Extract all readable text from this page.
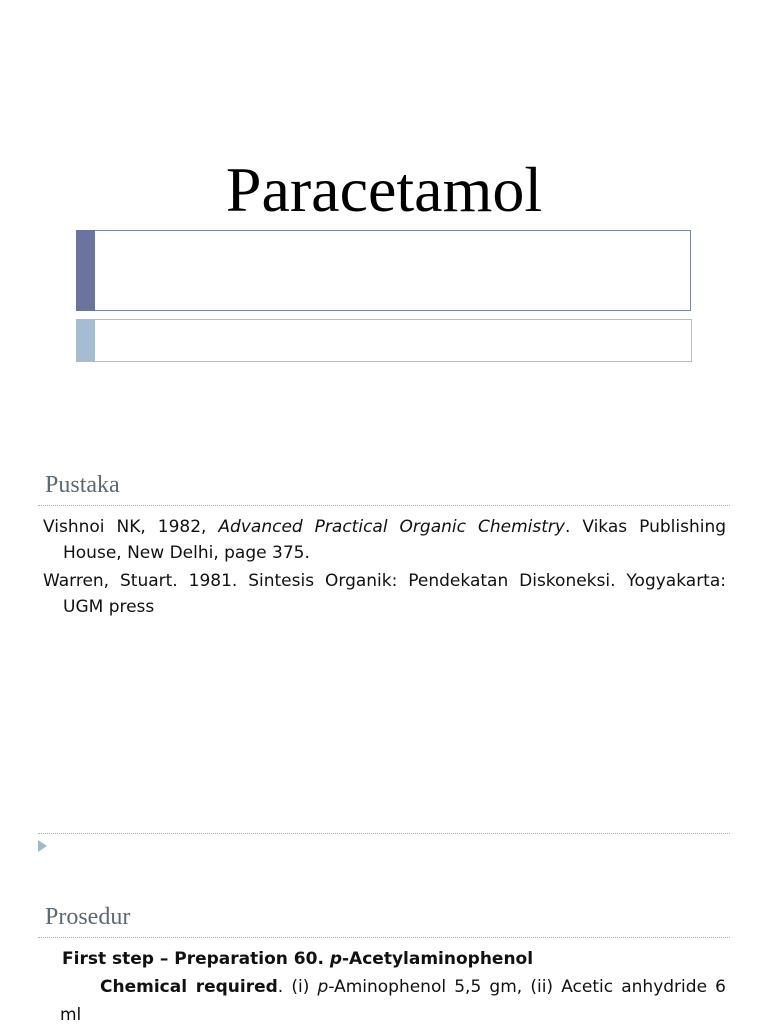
Paracetamol
Pustaka
Vishnoi NK, 1982, Advanced Practical Organic Chemistry. Vikas Publishing House, New Delhi, page 375.
Warren, Stuart. 1981. Sintesis Organik: Pendekatan Diskoneksi. Yogyakarta: UGM press
Prosedur
First step – Preparation 60. p-Acetylaminophenol
Chemical required. (i) p-Aminophenol 5,5 gm, (ii) Acetic anhydride 6 ml
